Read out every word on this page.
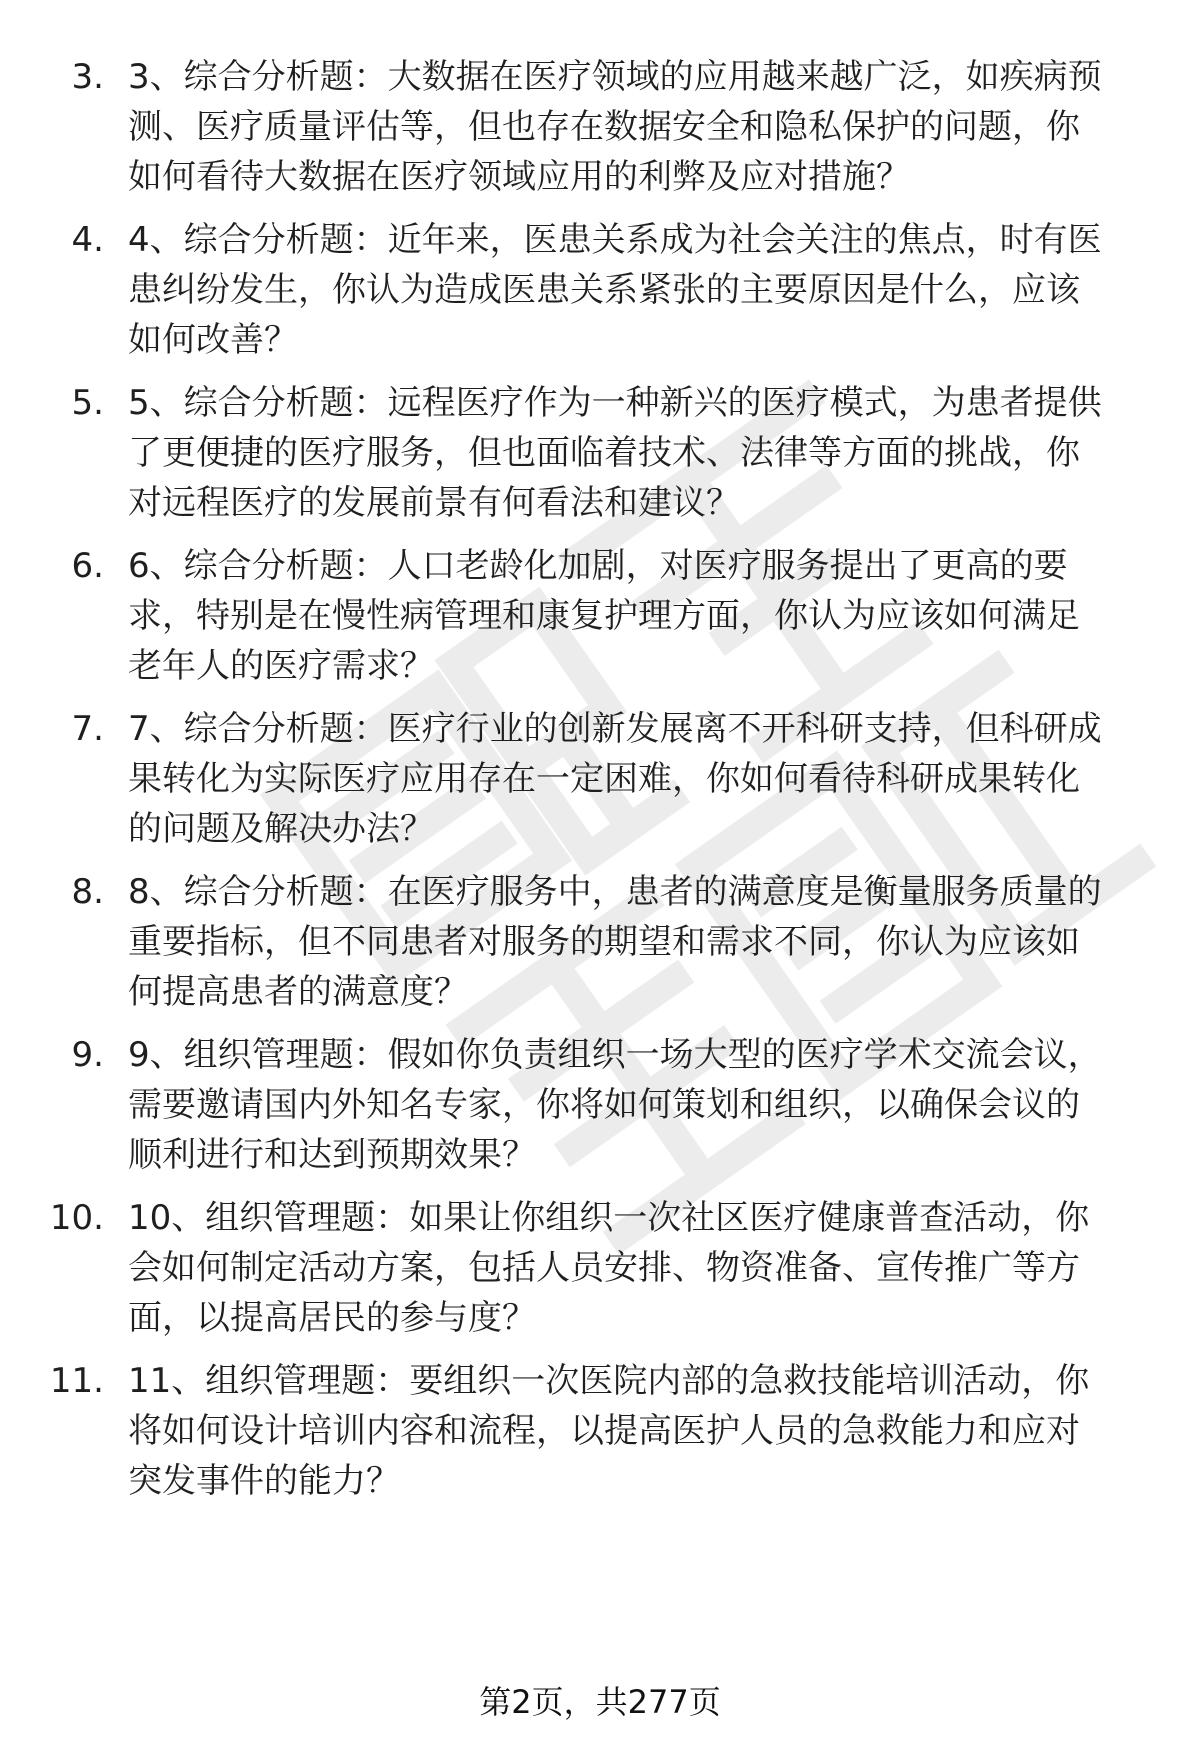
3. 3、综合分析题：大数据在医疗领域的应用越来越广泛，如疾病预
测、医疗质量评估等，但也存在数据安全和隐私保护的问题，你
如何看待大数据在医疗领域应用的利弊及应对措施？
4. 4、综合分析题：近年来，医患关系成为社会关注的焦点，时有医
患纠纷发生，你认为造成医患关系紧张的主要原因是什么，应该
如何改善？
5. 5、综合分析题：远程医疗作为一种新兴的医疗模式，为患者提供
了更便捷的医疗服务，但也面临着技术、法律等方面的挑战，你
对远程医疗的发展前景有何看法和建议？
6. 6、综合分析题：人口老龄化加剧，对医疗服务提出了更高的要
求，特别是在慢性病管理和康复护理方面，你认为应该如何满足
老年人的医疗需求？
7. 7、综合分析题：医疗行业的创新发展离不开科研支持，但科研成
果转化为实际医疗应用存在一定困难，你如何看待科研成果转化
的问题及解决办法？
8. 8、综合分析题：在医疗服务中，患者的满意度是衡量服务质量的
重要指标，但不同患者对服务的期望和需求不同，你认为应该如
何提高患者的满意度？
9. 9、组织管理题：假如你负责组织一场大型的医疗学术交流会议，
需要邀请国内外知名专家，你将如何策划和组织，以确保会议的
顺利进行和达到预期效果？
10. 10、组织管理题：如果让你组织一次社区医疗健康普查活动，你
会如何制定活动方案，包括人员安排、物资准备、宣传推广等方
面，以提高居民的参与度？
11. 11、组织管理题：要组织一次医院内部的急救技能培训活动，你
将如何设计培训内容和流程，以提高医护人员的急救能力和应对
突发事件的能力？
第2页，共277页
